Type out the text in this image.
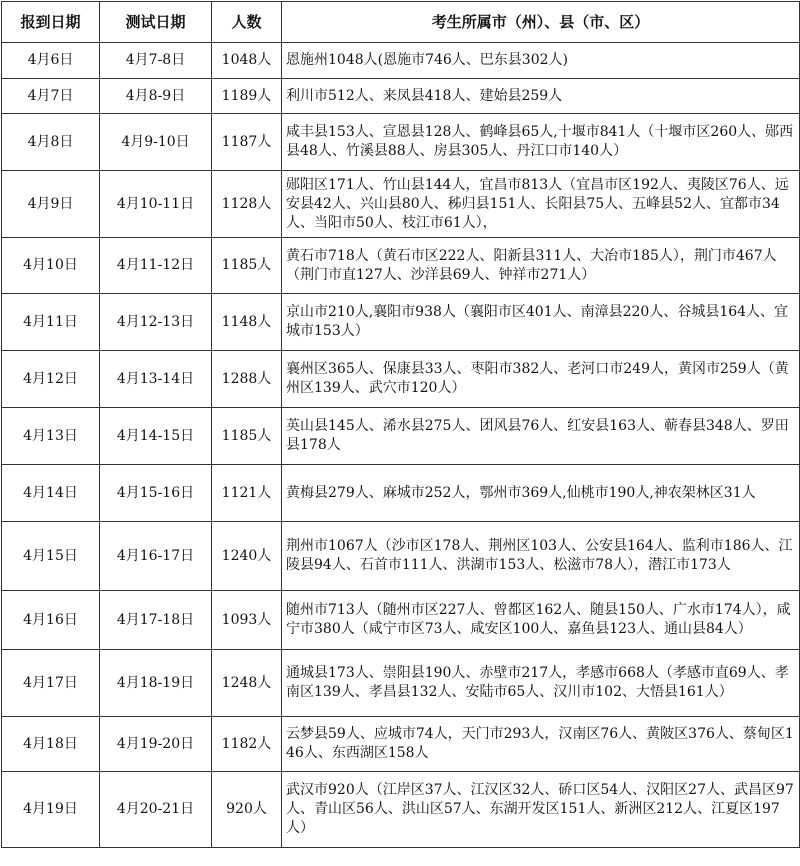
报到日期	测试日期	人数	考生所属市（州）、县（市、区）
4月6日	4月7-8日	1048人	恩施州1048人(恩施市746人、巴东县302人)
4月7日	4月8-9日	1189人	利川市512人、来凤县418人、建始县259人
4月8日	4月9-10日	1187人	咸丰县153人、宣恩县128人、鹤峰县65人,十堰市841人（十堰市区260人、郧西县48人、竹溪县88人、房县305人、丹江口市140人）
4月9日	4月10-11日	1128人	郧阳区171人、竹山县144人，宜昌市813人（宜昌市区192人、夷陵区76人、远安县42人、兴山县80人、秭归县151人、长阳县75人、五峰县52人、宜都市34人、当阳市50人、枝江市61人），
4月10日	4月11-12日	1185人	黄石市718人（黄石市区222人、阳新县311人、大冶市185人），荆门市467人（荆门市直127人、沙洋县69人、钟祥市271人）
4月11日	4月12-13日	1148人	京山市210人,襄阳市938人（襄阳市区401人、南漳县220人、谷城县164人、宜城市153人）
4月12日	4月13-14日	1288人	襄州区365人、保康县33人、枣阳市382人、老河口市249人，黄冈市259人（黄州区139人、武穴市120人）
4月13日	4月14-15日	1185人	英山县145人、浠水县275人、团风县76人、红安县163人、蕲春县348人、罗田县178人
4月14日	4月15-16日	1121人	黄梅县279人、麻城市252人，鄂州市369人,仙桃市190人,神农架林区31人
4月15日	4月16-17日	1240人	荆州市1067人（沙市区178人、荆州区103人、公安县164人、监利市186人、江陵县94人、石首市111人、洪湖市153人、松滋市78人），潜江市173人
4月16日	4月17-18日	1093人	随州市713人（随州市区227人、曾都区162人、随县150人、广水市174人），咸宁市380人（咸宁市区73人、咸安区100人、嘉鱼县123人、通山县84人）
4月17日	4月18-19日	1248人	通城县173人、崇阳县190人、赤壁市217人，孝感市668人（孝感市直69人、孝南区139人、孝昌县132人、安陆市65人、汉川市102、大悟县161人）
4月18日	4月19-20日	1182人	云梦县59人、应城市74人，天门市293人，汉南区76人、黄陂区376人、蔡甸区146人、东西湖区158人
4月19日	4月20-21日	920人	武汉市920人（江岸区37人、江汉区32人、硚口区54人、汉阳区27人、武昌区97人、青山区56人、洪山区57人、东湖开发区151人、新洲区212人、江夏区197人）
